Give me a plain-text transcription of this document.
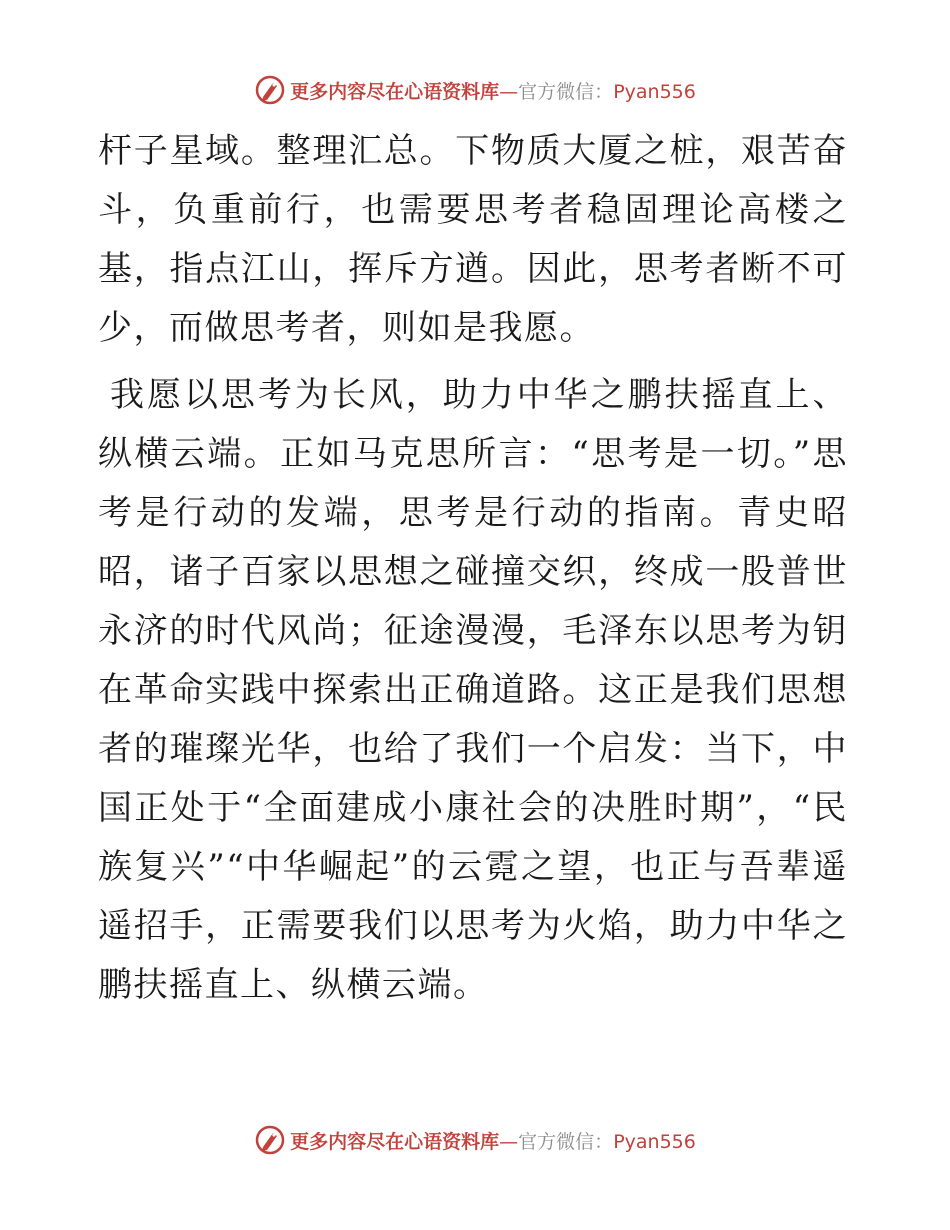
更多内容尽在心语资料库—官方微信：Pyan556

杆子星域。整理汇总。下物质大厦之桩，艰苦奋斗，负重前行，也需要思考者稳固理论高楼之基，指点江山，挥斥方遒。因此，思考者断不可少，而做思考者，则如是我愿。

我愿以思考为长风，助力中华之鹏扶摇直上、纵横云端。正如马克思所言：“思考是一切。”思考是行动的发端，思考是行动的指南。青史昭昭，诸子百家以思想之碰撞交织，终成一股普世永济的时代风尚；征途漫漫，毛泽东以思考为钥在革命实践中探索出正确道路。这正是我们思想者的璀璨光华，也给了我们一个启发：当下，中国正处于“全面建成小康社会的决胜时期”，“民族复兴”“中华崛起”的云霓之望，也正与吾辈遥遥招手，正需要我们以思考为火焰，助力中华之鹏扶摇直上、纵横云端。

更多内容尽在心语资料库—官方微信：Pyan556
